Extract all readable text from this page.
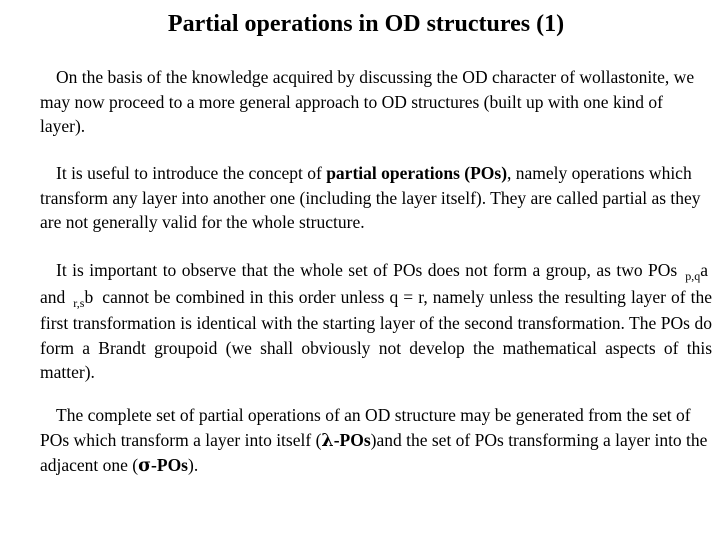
Partial operations in OD structures (1)

On the basis of the knowledge acquired by discussing the OD character of wollastonite, we may now proceed to a more general approach to OD structures (built up with one kind of layer).

It is useful to introduce the concept of partial operations (POs), namely operations which transform any layer into another one (including the layer itself). They are called partial as they are not generally valid for the whole structure.

It is important to observe that the whole set of POs does not form a group, as two POs $_{p,q}$a and $_{r,s}$b cannot be combined in this order unless q = r, namely unless the resulting layer of the first transformation is identical with the starting layer of the second transformation. The POs do form a Brandt groupoid (we shall obviously not develop the mathematical aspects of this matter).

The complete set of partial operations of an OD structure may be generated from the set of POs which transform a layer into itself (λ-POs)and the set of POs transforming a layer into the adjacent one (σ-POs).
